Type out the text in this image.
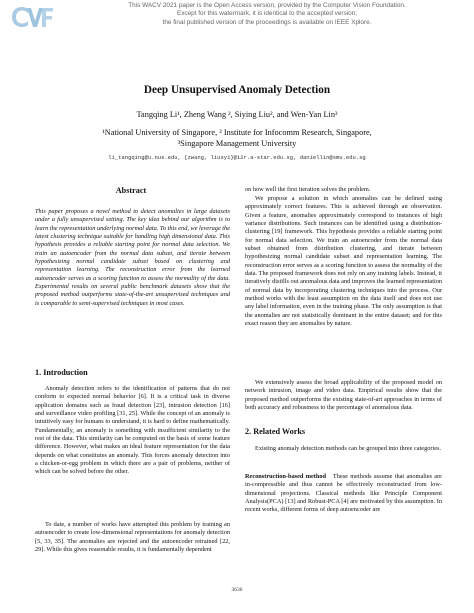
This WACV 2021 paper is the Open Access version, provided by the Computer Vision Foundation.
Except for this watermark, it is identical to the accepted version;
the final published version of the proceedings is available on IEEE Xplore.
Deep Unsupervised Anomaly Detection
Tangqing Li¹, Zheng Wang ², Siying Liu², and Wen-Yan Lin³
¹National University of Singapore, ² Institute for Infocomm Research, Singapore,
³Singapore Management University
li_tangqing@u.nus.edu, {zwang, liusy1}@i2r.a-star.edu.sg, daniellin@smu.edu.sg
Abstract
This paper proposes a novel method to detect anomalies in large datasets under a fully unsupervised setting. The key idea behind our algorithm is to learn the representation underlying normal data. To this end, we leverage the latest clustering technique suitable for handling high dimensional data. This hypothesis provides a reliable starting point for normal data selection. We train an autoencoder from the normal data subset, and iterate between hypothesizing normal candidate subset based on clustering and representation learning. The reconstruction error from the learned autoencoder serves as a scoring function to assess the normality of the data. Experimental results on several public benchmark datasets show that the proposed method outperforms state-of-the-art unsupervised techniques and is comparable to semi-supervised techniques in most cases.
1. Introduction
Anomaly detection refers to the identification of patterns that do not conform to expected normal behavior [6]. It is a critical task in diverse application domains such as fraud detection [23], intrusion detection [16] and surveillance video profiling [31, 25]. While the concept of an anomaly is intuitively easy for humans to understand, it is hard to define mathematically. Fundamentally, an anomaly is something with insufficient similarity to the rest of the data. This similarity can be computed on the basis of some feature difference. However, what makes an ideal feature representation for the data depends on what constitutes an anomaly. This forces anomaly detection into a chicken-or-egg problem in which there are a pair of problems, neither of which can be solved before the other.
To date, a number of works have attempted this problem by training an autoencoder to create low-dimensional representations for anomaly detection [5, 33, 35]. The anomalies are rejected and the autoencoder retrained [22, 29]. While this gives reasonable results, it is fundamentally dependent
on how well the first iteration solves the problem.
We propose a solution in which anomalies can be defined using approximately correct features. This is achieved through an observation. Given a feature, anomalies approximately correspond to instances of high variance distributions. Such instances can be identified using a distribution-clustering [19] framework. This hypothesis provides a reliable starting point for normal data selection. We train an autoencoder from the normal data subset obtained from distribution clustering, and iterate between hypothesizing normal candidate subset and representation learning. The reconstruction error serves as a scoring function to assess the normality of the data. The proposed framework does not rely on any training labels. Instead, it iteratively distills out anomalous data and improves the learned representation of normal data by incorporating clustering techniques into the process. Our method works with the least assumption on the data itself and does not use any label information, even in the training phase. The only assumption is that the anomalies are not statistically dominant in the entire dataset; and for this exact reason they are anomalies by nature.
We extensively assess the broad applicability of the proposed model on network intrusion, image and video data. Empirical results show that the proposed method outperforms the existing state-of-art approaches in terms of both accuracy and robustness to the percentage of anomalous data.
2. Related Works
Existing anomaly detection methods can be grouped into three categories.
Reconstruction-based method These methods assume that anomalies are in-compressible and thus cannot be effectively reconstructed from low-dimensional projections. Classical methods like Principle Component Analysis(PCA) [13] and Robust-PCA [4] are motivated by this assumption. In recent works, different forms of deep autoencoder are
3636
